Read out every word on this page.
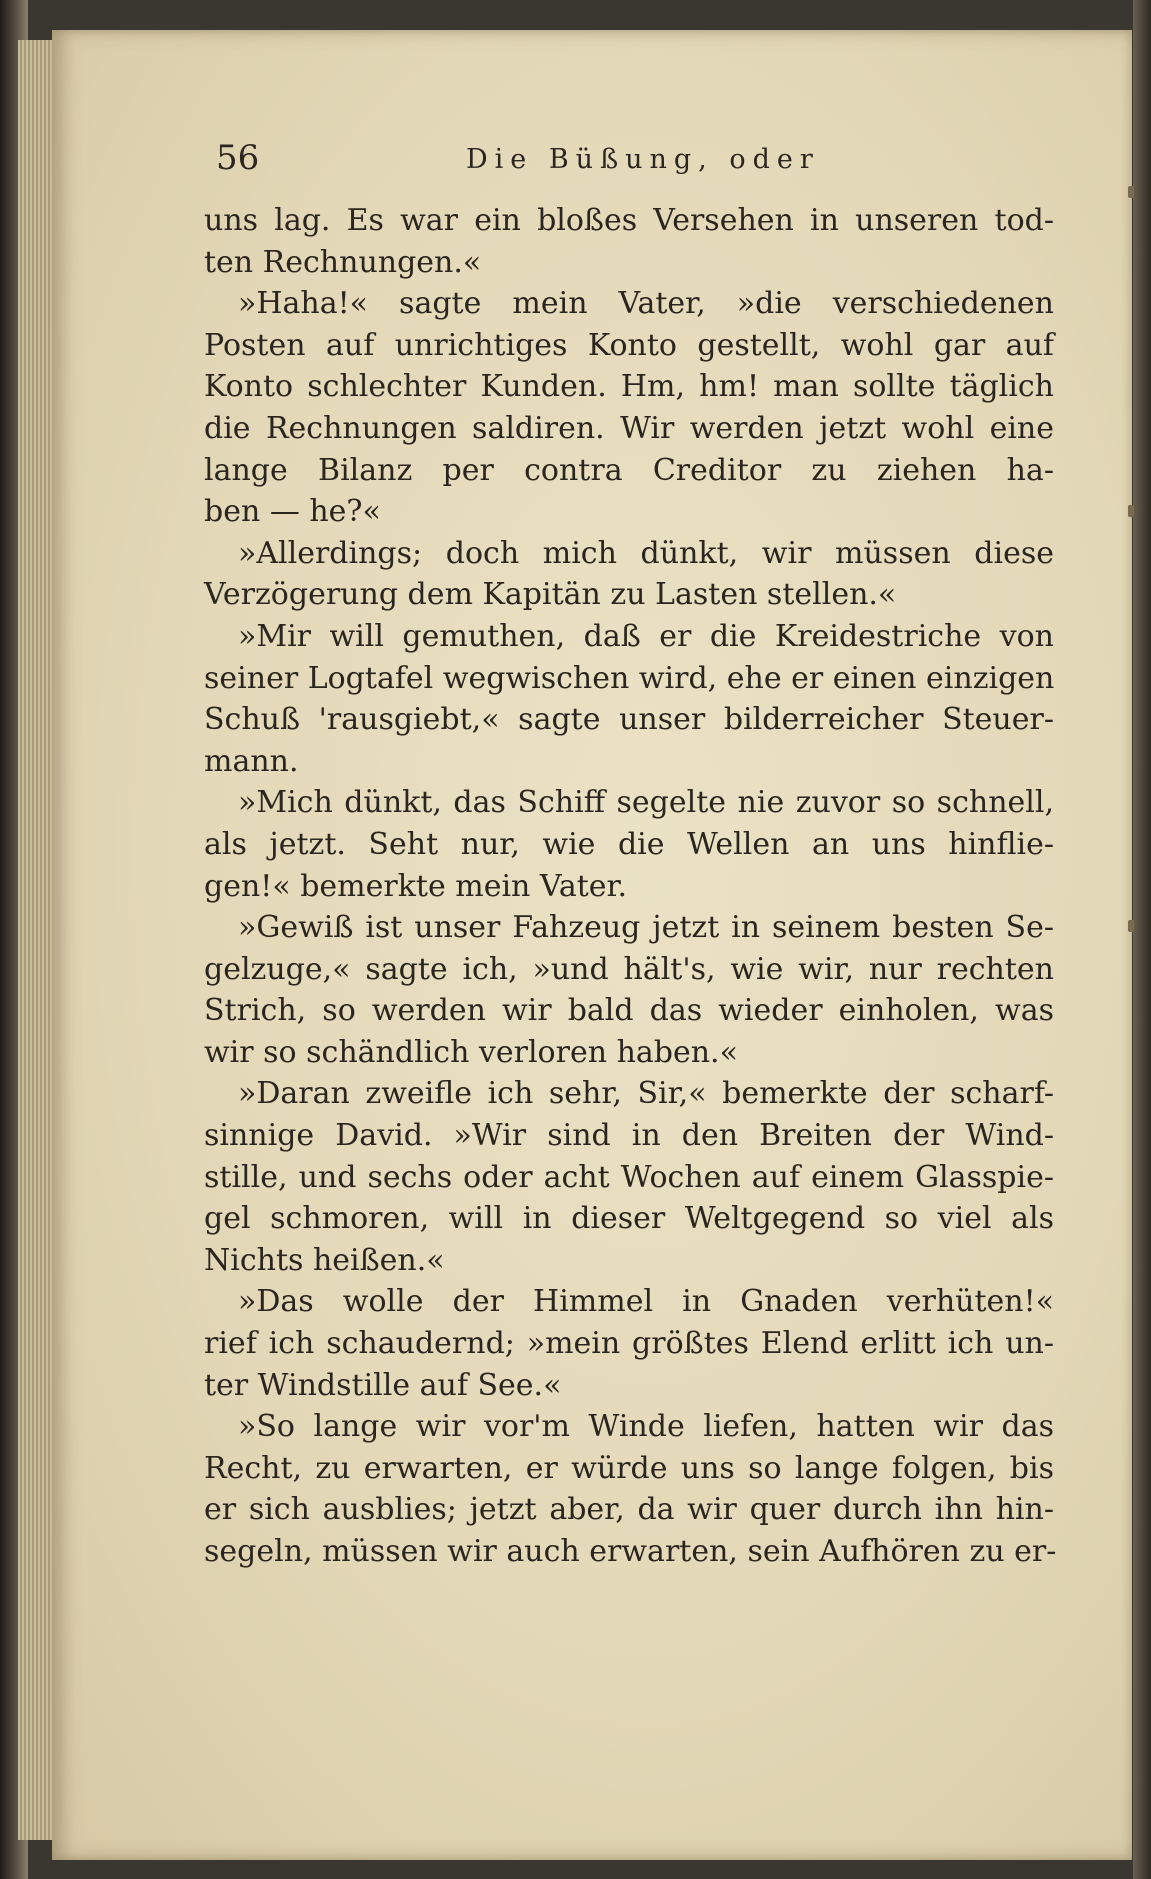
56	Die Büßung, oder
uns lag. Es war ein bloßes Versehen in unseren tod-
ten Rechnungen.«
»Haha!« sagte mein Vater, »die verschiedenen
Posten auf unrichtiges Konto gestellt, wohl gar auf
Konto schlechter Kunden. Hm, hm! man sollte täglich
die Rechnungen saldiren. Wir werden jetzt wohl eine
lange Bilanz per contra Creditor zu ziehen ha-
ben — he?«
»Allerdings; doch mich dünkt, wir müssen diese
Verzögerung dem Kapitän zu Lasten stellen.«
»Mir will gemuthen, daß er die Kreidestriche von
seiner Logtafel wegwischen wird, ehe er einen einzigen
Schuß 'rausgiebt,« sagte unser bilderreicher Steuer-
mann.
»Mich dünkt, das Schiff segelte nie zuvor so schnell,
als jetzt. Seht nur, wie die Wellen an uns hinflie-
gen!« bemerkte mein Vater.
»Gewiß ist unser Fahzeug jetzt in seinem besten Se-
gelzuge,« sagte ich, »und hält's, wie wir, nur rechten
Strich, so werden wir bald das wieder einholen, was
wir so schändlich verloren haben.«
»Daran zweifle ich sehr, Sir,« bemerkte der scharf-
sinnige David. »Wir sind in den Breiten der Wind-
stille, und sechs oder acht Wochen auf einem Glasspie-
gel schmoren, will in dieser Weltgegend so viel als
Nichts heißen.«
»Das wolle der Himmel in Gnaden verhüten!«
rief ich schaudernd; »mein größtes Elend erlitt ich un-
ter Windstille auf See.«
»So lange wir vor'm Winde liefen, hatten wir das
Recht, zu erwarten, er würde uns so lange folgen, bis
er sich ausblies; jetzt aber, da wir quer durch ihn hin-
segeln, müssen wir auch erwarten, sein Aufhören zu er-
